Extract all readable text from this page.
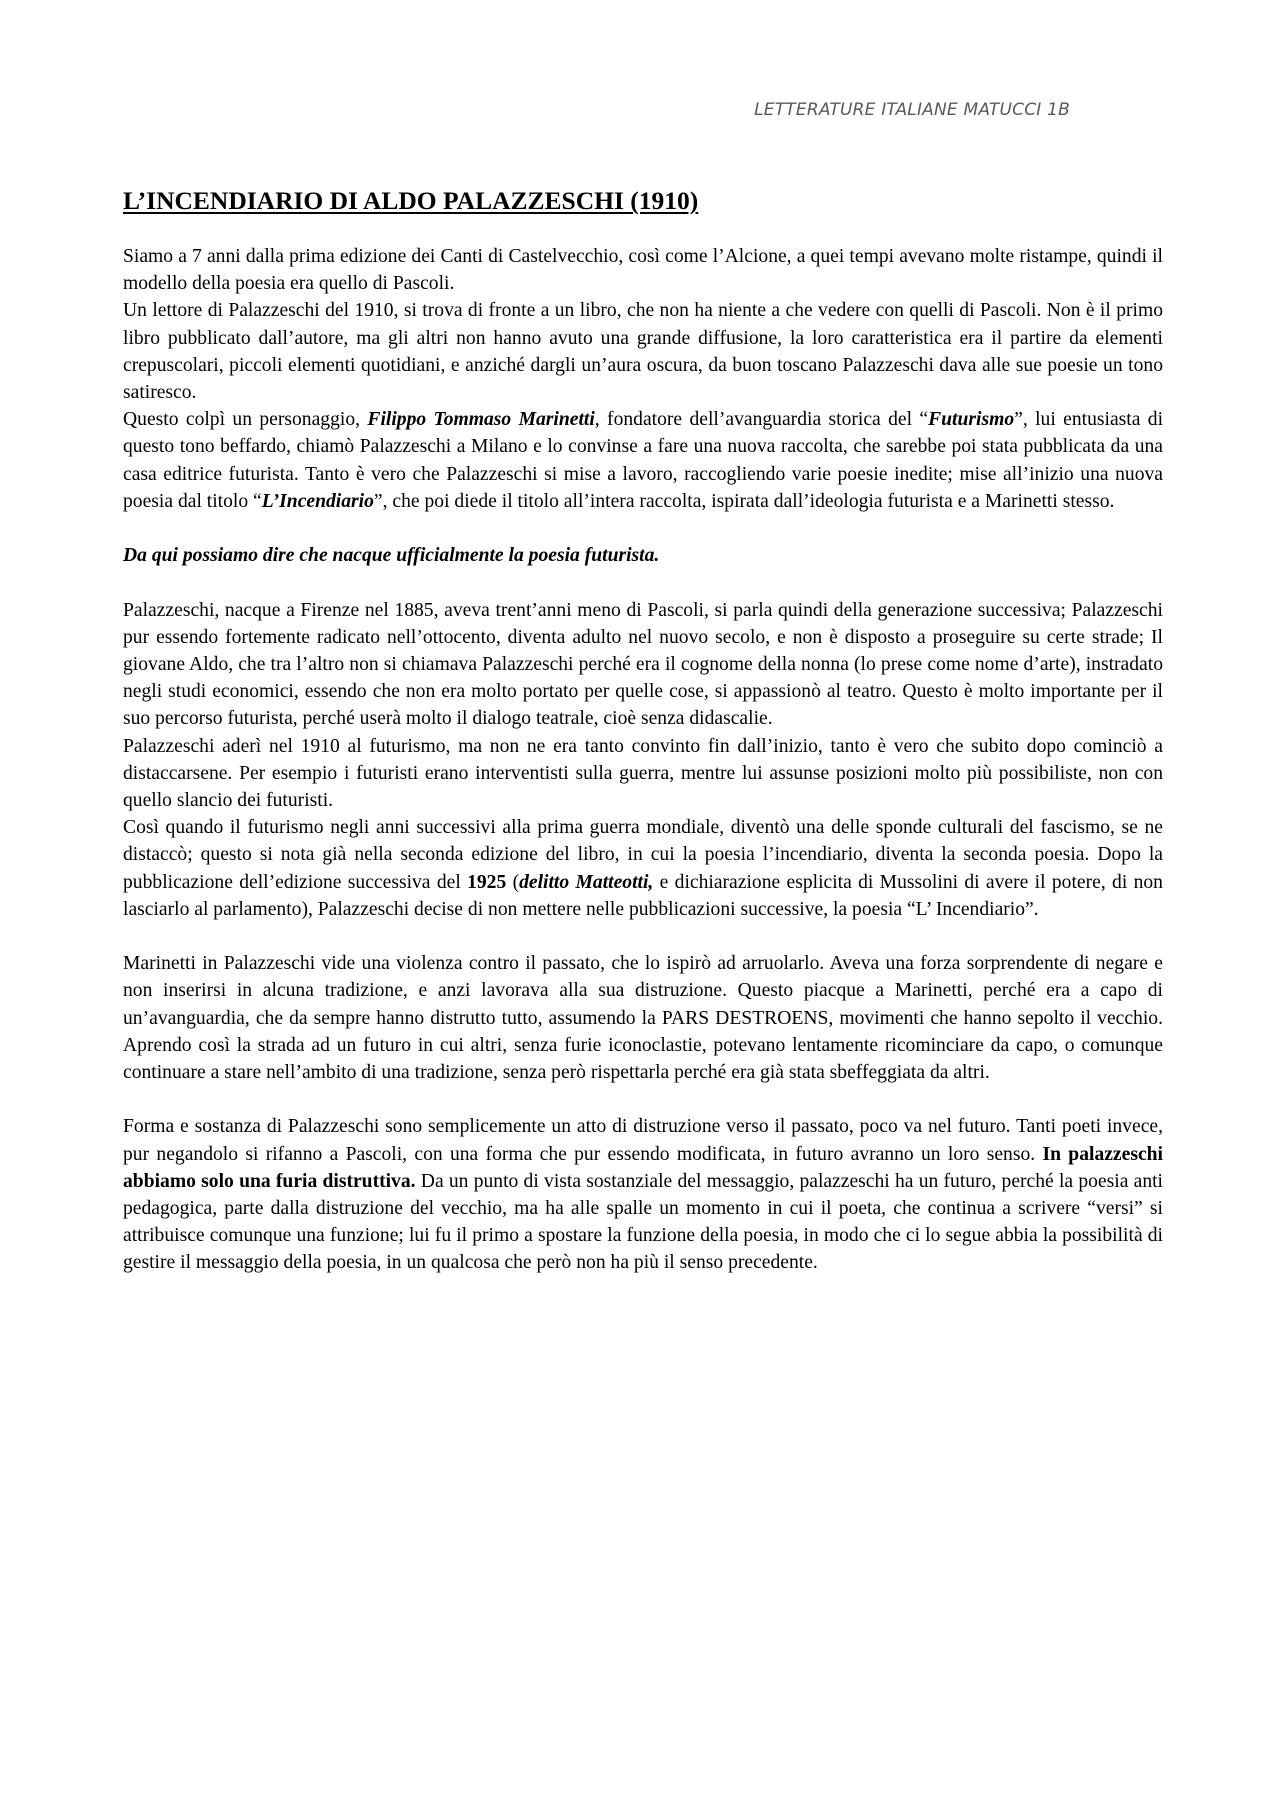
LETTERATURE ITALIANE MATUCCI 1B
L’INCENDIARIO DI ALDO PALAZZESCHI (1910)

Siamo a 7 anni dalla prima edizione dei Canti di Castelvecchio, così come l’Alcione, a quei tempi avevano molte ristampe, quindi il modello della poesia era quello di Pascoli.

Un lettore di Palazzeschi del 1910, si trova di fronte a un libro, che non ha niente a che vedere con quelli di Pascoli. Non è il primo libro pubblicato dall’autore, ma gli altri non hanno avuto una grande diffusione, la loro caratteristica era il partire da elementi crepuscolari, piccoli elementi quotidiani, e anziché dargli un’aura oscura, da buon toscano Palazzeschi dava alle sue poesie un tono satiresco.

Questo colpì un personaggio, Filippo Tommaso Marinetti, fondatore dell’avanguardia storica del “Futurismo”, lui entusiasta di questo tono beffardo, chiamò Palazzeschi a Milano e lo convinse a fare una nuova raccolta, che sarebbe poi stata pubblicata da una casa editrice futurista. Tanto è vero che Palazzeschi si mise a lavoro, raccogliendo varie poesie inedite; mise all’inizio una nuova poesia dal titolo “L’Incendiario”, che poi diede il titolo all’intera raccolta, ispirata dall’ideologia futurista e a Marinetti stesso.

Da qui possiamo dire che nacque ufficialmente la poesia futurista.

Palazzeschi, nacque a Firenze nel 1885, aveva trent’anni meno di Pascoli, si parla quindi della generazione successiva; Palazzeschi pur essendo fortemente radicato nell’ottocento, diventa adulto nel nuovo secolo, e non è disposto a proseguire su certe strade; Il giovane Aldo, che tra l’altro non si chiamava Palazzeschi perché era il cognome della nonna (lo prese come nome d’arte), instradato negli studi economici, essendo che non era molto portato per quelle cose, si appassionò al teatro. Questo è molto importante per il suo percorso futurista, perché userà molto il dialogo teatrale, cioè senza didascalie.

Palazzeschi aderì nel 1910 al futurismo, ma non ne era tanto convinto fin dall’inizio, tanto è vero che subito dopo cominciò a distaccarsene. Per esempio i futuristi erano interventisti sulla guerra, mentre lui assunse posizioni molto più possibiliste, non con quello slancio dei futuristi.

Così quando il futurismo negli anni successivi alla prima guerra mondiale, diventò una delle sponde culturali del fascismo, se ne distaccò; questo si nota già nella seconda edizione del libro, in cui la poesia l’incendiario, diventa la seconda poesia. Dopo la pubblicazione dell’edizione successiva del 1925 (delitto Matteotti, e dichiarazione esplicita di Mussolini di avere il potere, di non lasciarlo al parlamento), Palazzeschi decise di non mettere nelle pubblicazioni successive, la poesia “L’ Incendiario”.

Marinetti in Palazzeschi vide una violenza contro il passato, che lo ispirò ad arruolarlo. Aveva una forza sorprendente di negare e non inserirsi in alcuna tradizione, e anzi lavorava alla sua distruzione. Questo piacque a Marinetti, perché era a capo di un’avanguardia, che da sempre hanno distrutto tutto, assumendo la PARS DESTROENS, movimenti che hanno sepolto il vecchio. Aprendo così la strada ad un futuro in cui altri, senza furie iconoclastie, potevano lentamente ricominciare da capo, o comunque continuare a stare nell’ambito di una tradizione, senza però rispettarla perché era già stata sbeffeggiata da altri.

Forma e sostanza di Palazzeschi sono semplicemente un atto di distruzione verso il passato, poco va nel futuro. Tanti poeti invece, pur negandolo si rifanno a Pascoli, con una forma che pur essendo modificata, in futuro avranno un loro senso. In palazzeschi abbiamo solo una furia distruttiva. Da un punto di vista sostanziale del messaggio, palazzeschi ha un futuro, perché la poesia anti pedagogica, parte dalla distruzione del vecchio, ma ha alle spalle un momento in cui il poeta, che continua a scrivere “versi” si attribuisce comunque una funzione; lui fu il primo a spostare la funzione della poesia, in modo che ci lo segue abbia la possibilità di gestire il messaggio della poesia, in un qualcosa che però non ha più il senso precedente.
